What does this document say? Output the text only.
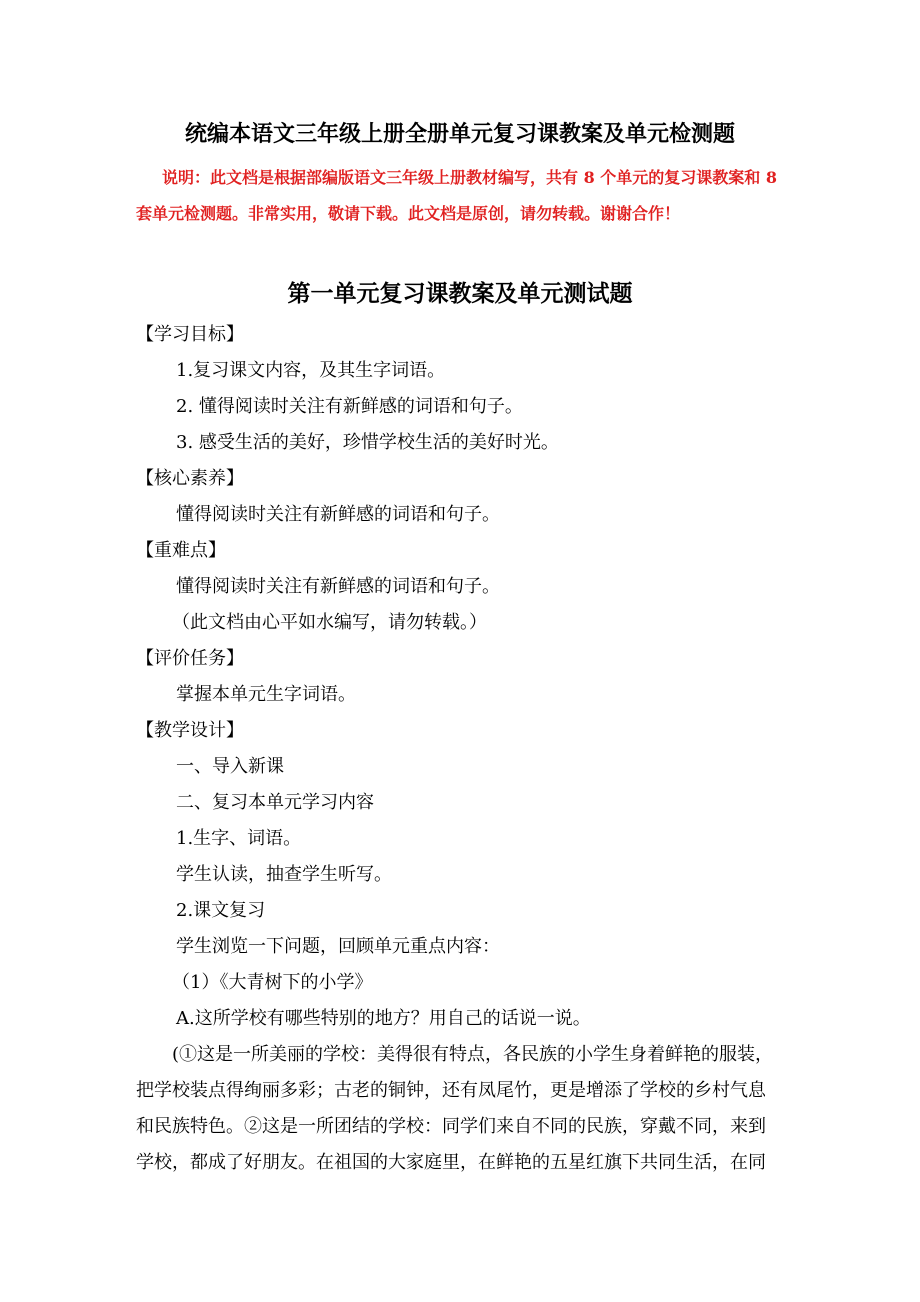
统编本语文三年级上册全册单元复习课教案及单元检测题
说明：此文档是根据部编版语文三年级上册教材编写，共有 8 个单元的复习课教案和 8
套单元检测题。非常实用，敬请下载。此文档是原创，请勿转载。谢谢合作！
第一单元复习课教案及单元测试题
【学习目标】
1.复习课文内容，及其生字词语。
2. 懂得阅读时关注有新鲜感的词语和句子。
3. 感受生活的美好，珍惜学校生活的美好时光。
【核心素养】
懂得阅读时关注有新鲜感的词语和句子。
【重难点】
懂得阅读时关注有新鲜感的词语和句子。
（此文档由心平如水编写，请勿转载。）
【评价任务】
掌握本单元生字词语。
【教学设计】
一、导入新课
二、复习本单元学习内容
1.生字、词语。
学生认读，抽查学生听写。
2.课文复习
学生浏览一下问题，回顾单元重点内容：
（1）《大青树下的小学》
A.这所学校有哪些特别的地方？用自己的话说一说。
(①这是一所美丽的学校：美得很有特点，各民族的小学生身着鲜艳的服装，
把学校装点得绚丽多彩；古老的铜钟，还有凤尾竹，更是增添了学校的乡村气息
和民族特色。②这是一所团结的学校：同学们来自不同的民族，穿戴不同，来到
学校，都成了好朋友。在祖国的大家庭里，在鲜艳的五星红旗下共同生活，在同
